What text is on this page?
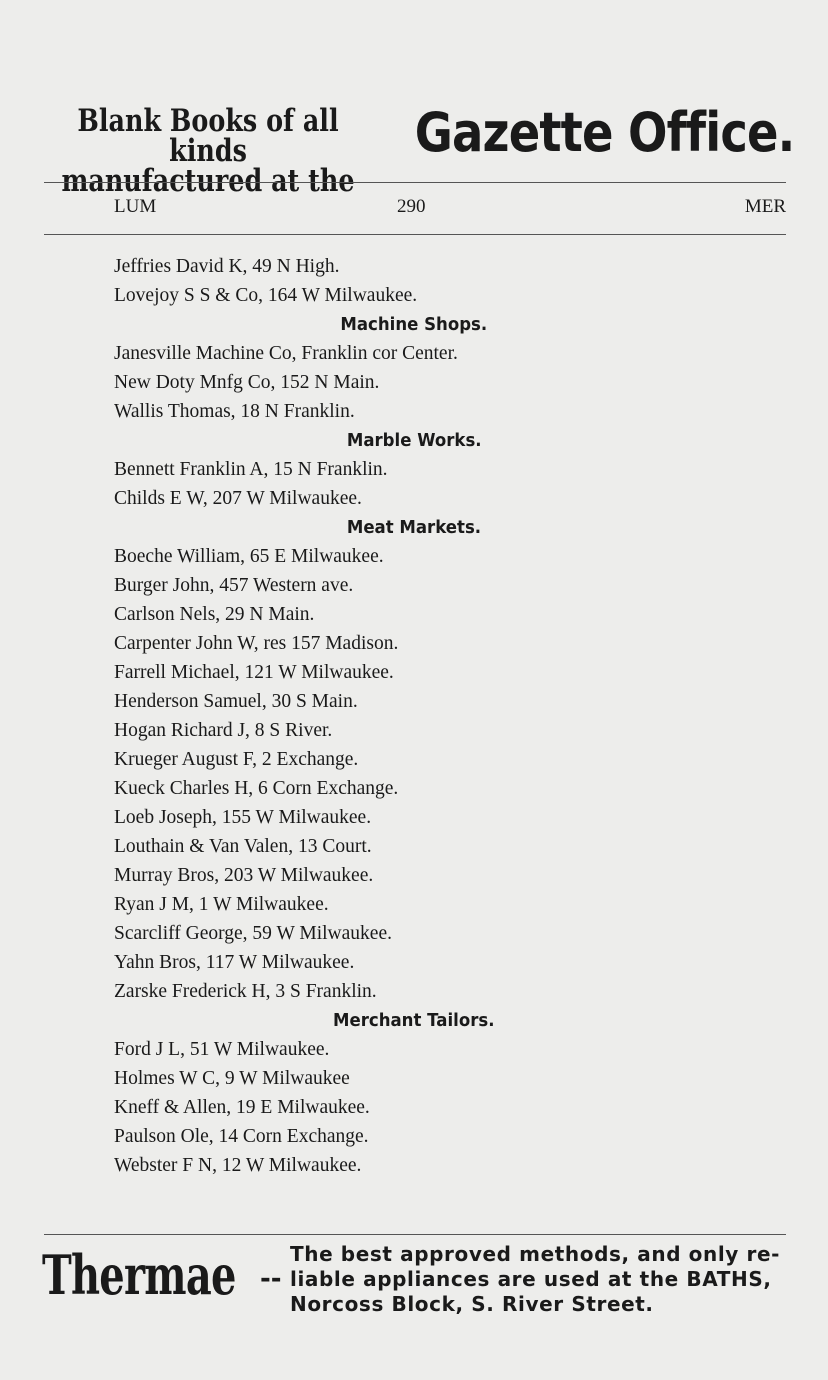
Blank Books of all kinds
manufactured at the
Gazette Office.
LUM	290	MER
Jeffries David K, 49 N High.
Lovejoy S S & Co, 164 W Milwaukee.
Machine Shops.
Janesville Machine Co, Franklin cor Center.
New Doty Mnfg Co, 152 N Main.
Wallis Thomas, 18 N Franklin.
Marble Works.
Bennett Franklin A, 15 N Franklin.
Childs E W, 207 W Milwaukee.
Meat Markets.
Boeche William, 65 E Milwaukee.
Burger John, 457 Western ave.
Carlson Nels, 29 N Main.
Carpenter John W, res 157 Madison.
Farrell Michael, 121 W Milwaukee.
Henderson Samuel, 30 S Main.
Hogan Richard J, 8 S River.
Krueger August F, 2 Exchange.
Kueck Charles H, 6 Corn Exchange.
Loeb Joseph, 155 W Milwaukee.
Louthain & Van Valen, 13 Court.
Murray Bros, 203 W Milwaukee.
Ryan J M, 1 W Milwaukee.
Scarcliff George, 59 W Milwaukee.
Yahn Bros, 117 W Milwaukee.
Zarske Frederick H, 3 S Franklin.
Merchant Tailors.
Ford J L, 51 W Milwaukee.
Holmes W C, 9 W Milwaukee
Kneff & Allen, 19 E Milwaukee.
Paulson Ole, 14 Corn Exchange.
Webster F N, 12 W Milwaukee.
Thermae --
The best approved methods, and only re-
liable appliances are used at the BATHS,
Norcoss Block, S. River Street.
